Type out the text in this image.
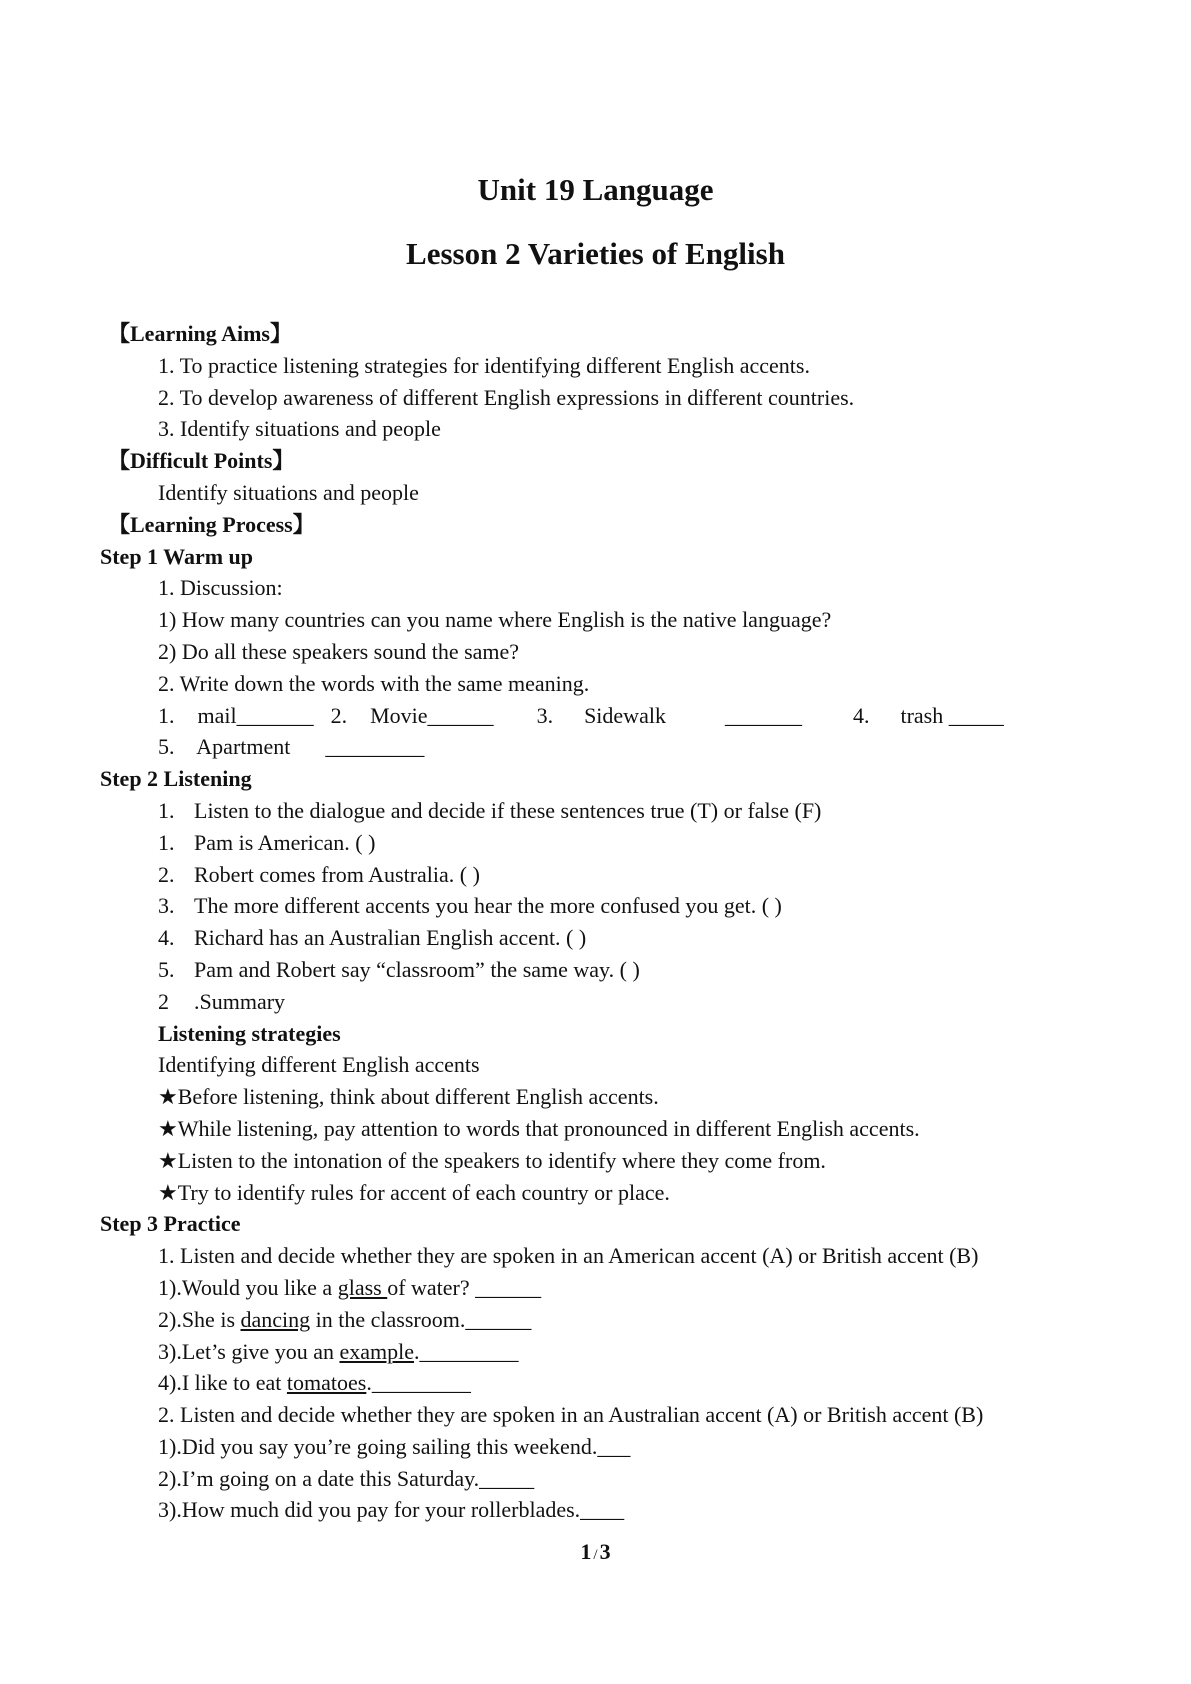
Unit 19 Language
Lesson 2 Varieties of English
【Learning Aims】
1. To practice listening strategies for identifying different English accents.
2. To develop awareness of different English expressions in different countries.
3. Identify situations and people
【Difficult Points】
Identify situations and people
【Learning Process】
Step 1 Warm up
1. Discussion:
1) How many countries can you name where English is the native language?
2) Do all these speakers sound the same?
2. Write down the words with the same meaning.
1. mail_______ 2. Movie______ 3. Sidewalk	_______ 4. trash _____
5. Apartment _________
Step 2 Listening
1. Listen to the dialogue and decide if these sentences true (T) or false (F)
1. Pam is American. ( )
2. Robert comes from Australia. ( )
3. The more different accents you hear the more confused you get. ( )
4. Richard has an Australian English accent. ( )
5. Pam and Robert say “classroom” the same way. ( )
2 .Summary
Listening strategies
Identifying different English accents
★Before listening, think about different English accents.
★While listening, pay attention to words that pronounced in different English accents.
★Listen to the intonation of the speakers to identify where they come from.
★Try to identify rules for accent of each country or place.
Step 3 Practice
1. Listen and decide whether they are spoken in an American accent (A) or British accent (B)
1).Would you like a glass of water? ______
2).She is dancing in the classroom.______
3).Let’s give you an example._________
4).I like to eat tomatoes._________
2. Listen and decide whether they are spoken in an Australian accent (A) or British accent (B)
1).Did you say you’re going sailing this weekend.___
2).I’m going on a date this Saturday._____
3).How much did you pay for your rollerblades.____
1 /3
